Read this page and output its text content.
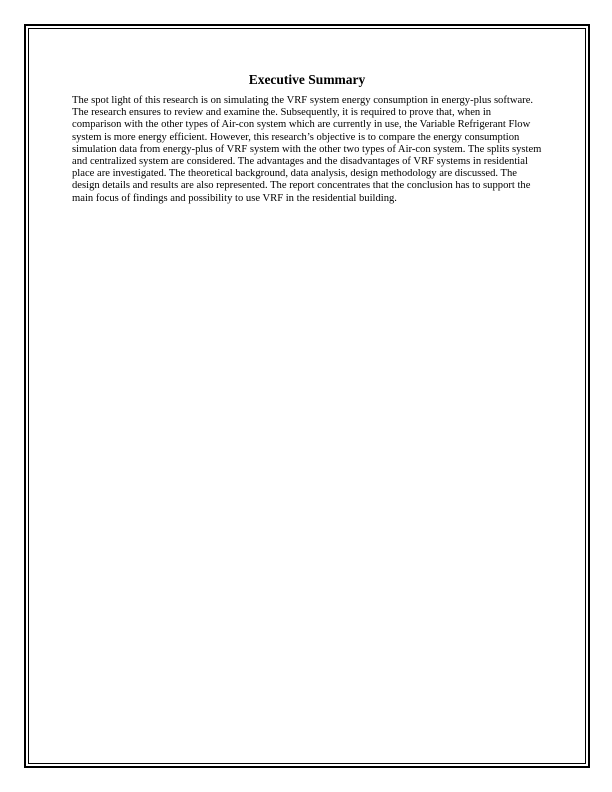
Executive Summary

The spot light of this research is on simulating the VRF system energy consumption in energy-plus software. The research ensures to review and examine the. Subsequently, it is required to prove that, when in comparison with the other types of Air-con system which are currently in use, the Variable Refrigerant Flow system is more energy efficient. However, this research’s objective is to compare the energy consumption simulation data from energy-plus of VRF system with the other two types of Air-con system. The splits system and centralized system are considered. The advantages and the disadvantages of VRF systems in residential place are investigated. The theoretical background, data analysis, design methodology are discussed. The design details and results are also represented. The report concentrates that the conclusion has to support the main focus of findings and possibility to use VRF in the residential building.
